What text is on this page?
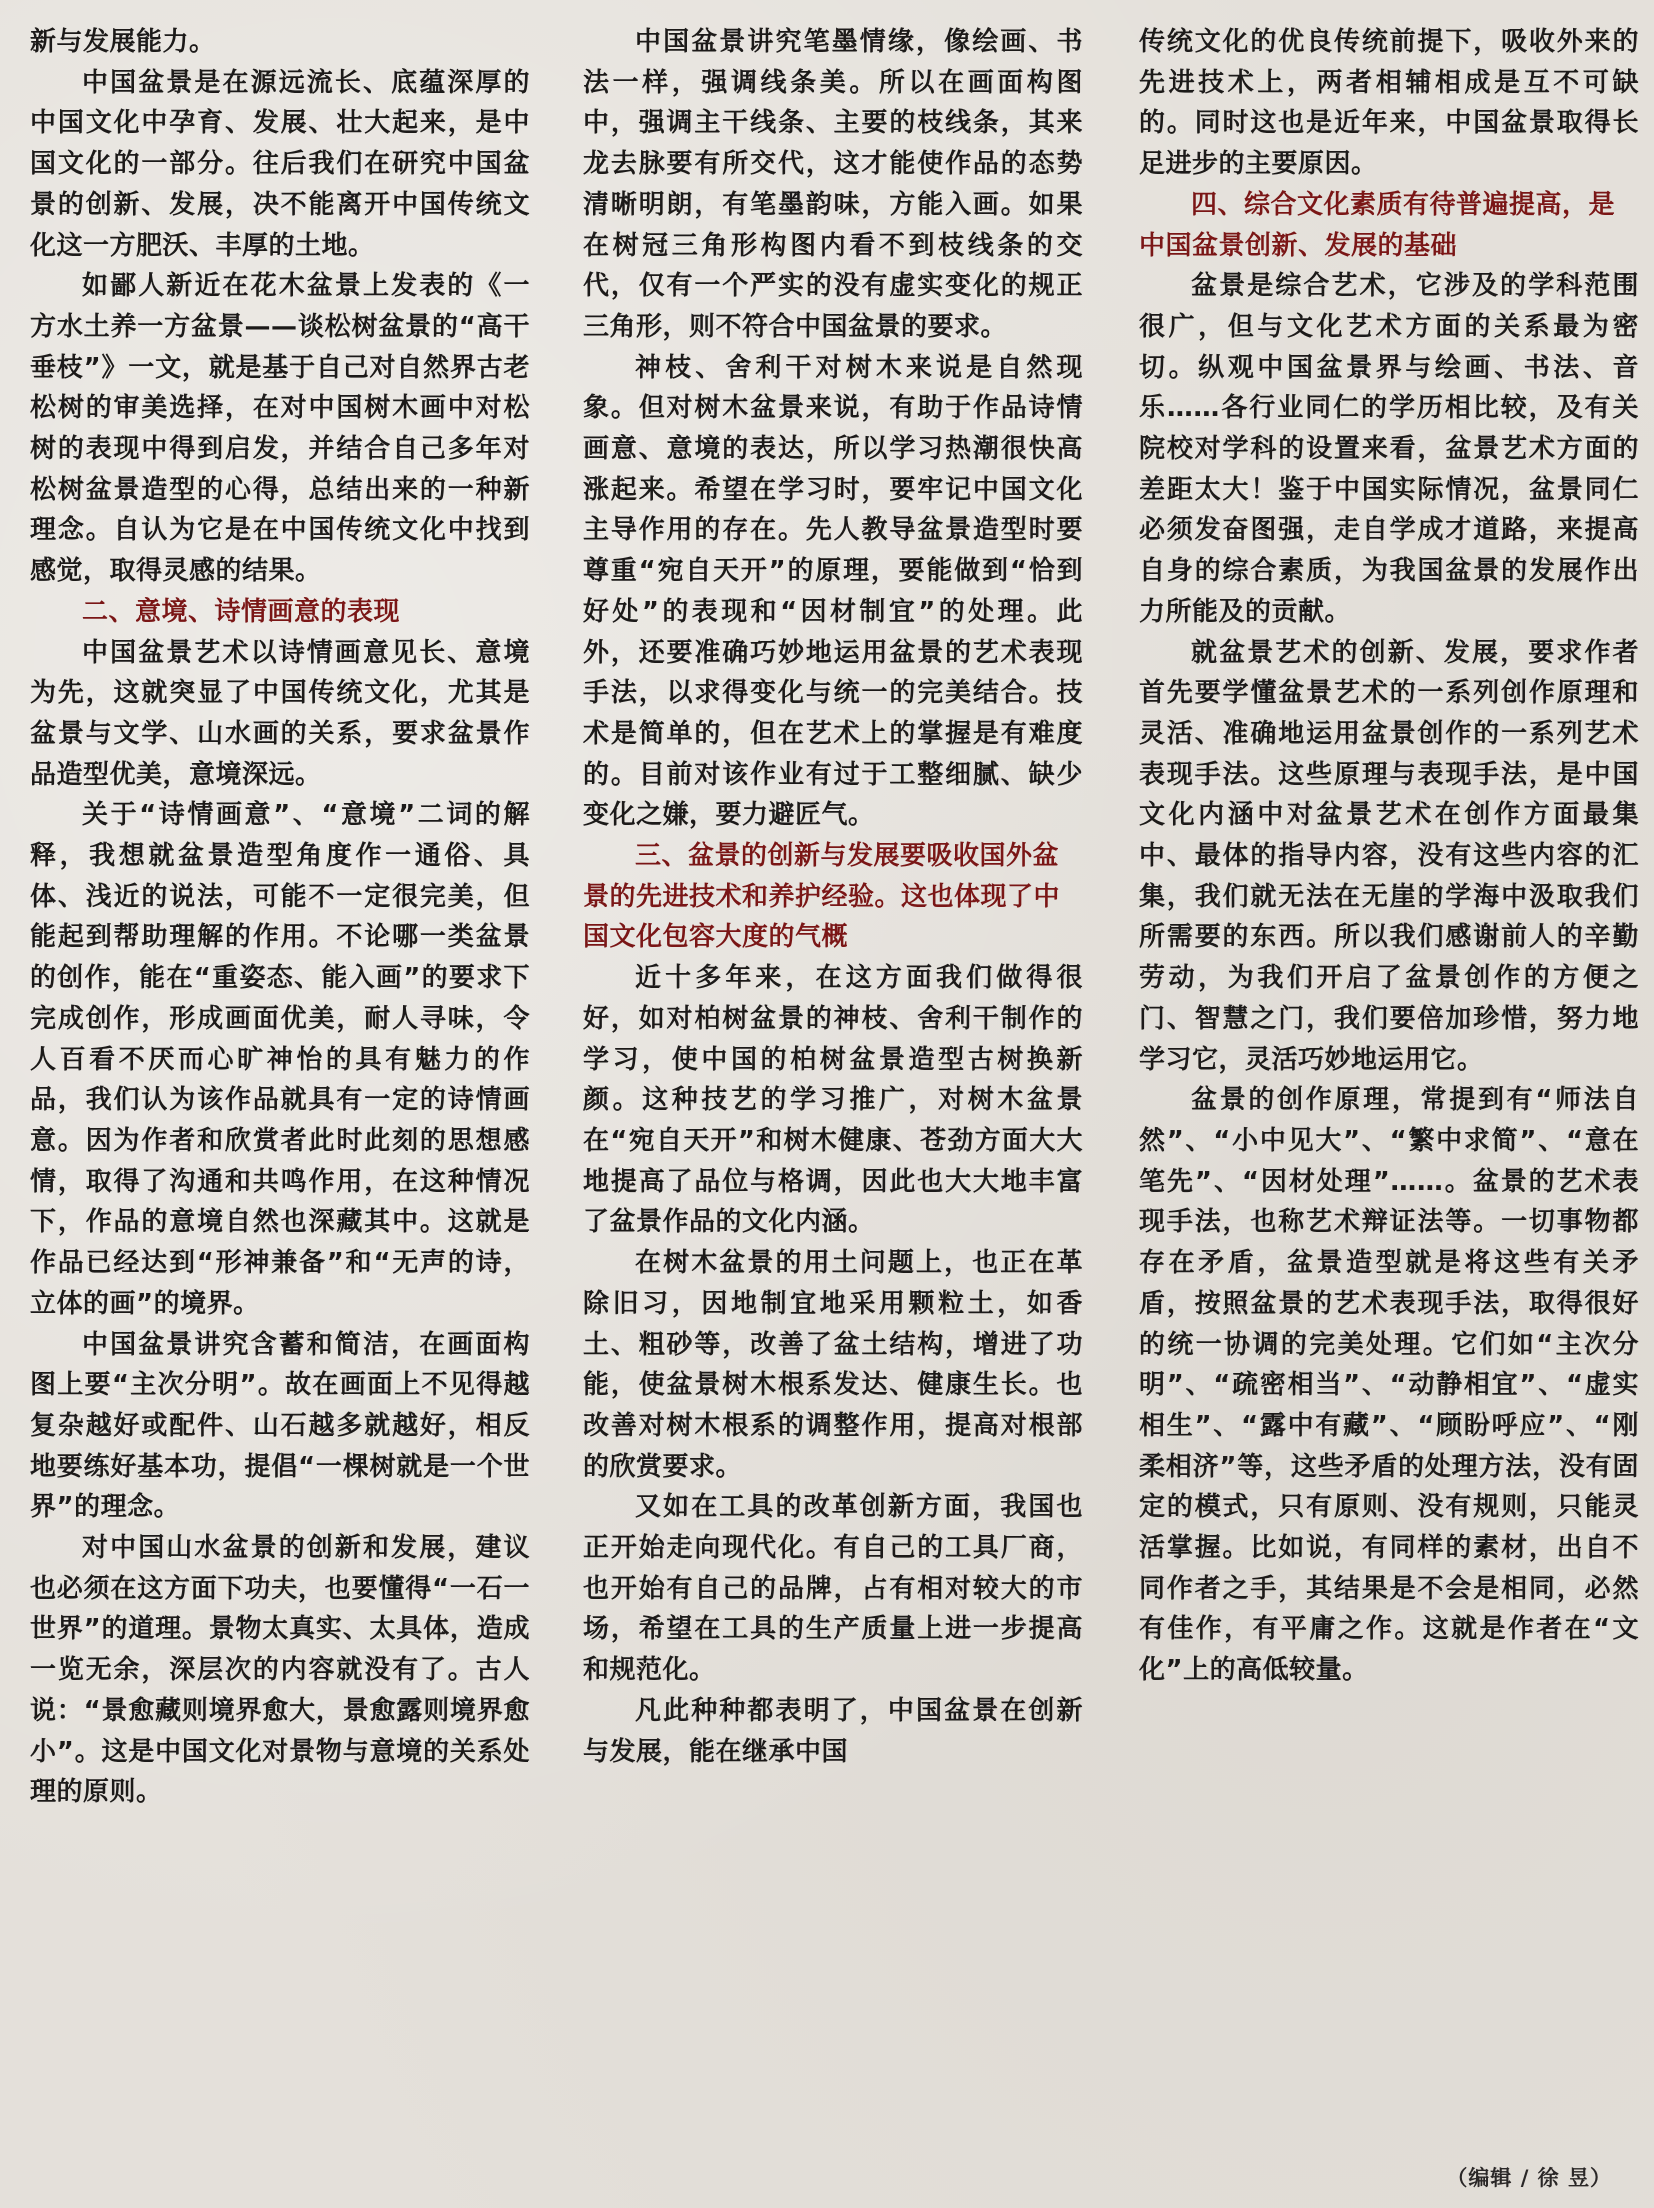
新与发展能力。

中国盆景是在源远流长、底蕴深厚的中国文化中孕育、发展、壮大起来，是中国文化的一部分。往后我们在研究中国盆景的创新、发展，决不能离开中国传统文化这一方肥沃、丰厚的土地。

如鄙人新近在花木盆景上发表的《一方水土养一方盆景——谈松树盆景的“高干垂枝”》一文，就是基于自己对自然界古老松树的审美选择，在对中国树木画中对松树的表现中得到启发，并结合自己多年对松树盆景造型的心得，总结出来的一种新理念。自认为它是在中国传统文化中找到感觉，取得灵感的结果。

二、意境、诗情画意的表现

中国盆景艺术以诗情画意见长、意境为先，这就突显了中国传统文化，尤其是盆景与文学、山水画的关系，要求盆景作品造型优美，意境深远。

关于“诗情画意”、“意境”二词的解释，我想就盆景造型角度作一通俗、具体、浅近的说法，可能不一定很完美，但能起到帮助理解的作用。不论哪一类盆景的创作，能在“重姿态、能入画”的要求下完成创作，形成画面优美，耐人寻味，令人百看不厌而心旷神怡的具有魅力的作品，我们认为该作品就具有一定的诗情画意。因为作者和欣赏者此时此刻的思想感情，取得了沟通和共鸣作用，在这种情况下，作品的意境自然也深藏其中。这就是作品已经达到“形神兼备”和“无声的诗，立体的画”的境界。

中国盆景讲究含蓄和简洁，在画面构图上要“主次分明”。故在画面上不见得越复杂越好或配件、山石越多就越好，相反地要练好基本功，提倡“一棵树就是一个世界”的理念。

对中国山水盆景的创新和发展，建议也必须在这方面下功夫，也要懂得“一石一世界”的道理。景物太真实、太具体，造成一览无余，深层次的内容就没有了。古人说：“景愈藏则境界愈大，景愈露则境界愈小”。这是中国文化对景物与意境的关系处理的原则。

中国盆景讲究笔墨情缘，像绘画、书法一样，强调线条美。所以在画面构图中，强调主干线条、主要的枝线条，其来龙去脉要有所交代，这才能使作品的态势清晰明朗，有笔墨韵味，方能入画。如果在树冠三角形构图内看不到枝线条的交代，仅有一个严实的没有虚实变化的规正三角形，则不符合中国盆景的要求。

神枝、舍利干对树木来说是自然现象。但对树木盆景来说，有助于作品诗情画意、意境的表达，所以学习热潮很快高涨起来。希望在学习时，要牢记中国文化主导作用的存在。先人教导盆景造型时要尊重“宛自天开”的原理，要能做到“恰到好处”的表现和“因材制宜”的处理。此外，还要准确巧妙地运用盆景的艺术表现手法，以求得变化与统一的完美结合。技术是简单的，但在艺术上的掌握是有难度的。目前对该作业有过于工整细腻、缺少变化之嫌，要力避匠气。

三、盆景的创新与发展要吸收国外盆景的先进技术和养护经验。这也体现了中国文化包容大度的气概

近十多年来，在这方面我们做得很好，如对柏树盆景的神枝、舍利干制作的学习，使中国的柏树盆景造型古树换新颜。这种技艺的学习推广，对树木盆景在“宛自天开”和树木健康、苍劲方面大大地提高了品位与格调，因此也大大地丰富了盆景作品的文化内涵。

在树木盆景的用土问题上，也正在革除旧习，因地制宜地采用颗粒土，如香土、粗砂等，改善了盆土结构，增进了功能，使盆景树木根系发达、健康生长。也改善对树木根系的调整作用，提高对根部的欣赏要求。

又如在工具的改革创新方面，我国也正开始走向现代化。有自己的工具厂商，也开始有自己的品牌，占有相对较大的市场，希望在工具的生产质量上进一步提高和规范化。

凡此种种都表明了，中国盆景在创新与发展，能在继承中国

传统文化的优良传统前提下，吸收外来的先进技术上，两者相辅相成是互不可缺的。同时这也是近年来，中国盆景取得长足进步的主要原因。

四、综合文化素质有待普遍提高，是中国盆景创新、发展的基础

盆景是综合艺术，它涉及的学科范围很广，但与文化艺术方面的关系最为密切。纵观中国盆景界与绘画、书法、音乐……各行业同仁的学历相比较，及有关院校对学科的设置来看，盆景艺术方面的差距太大！鉴于中国实际情况，盆景同仁必须发奋图强，走自学成才道路，来提高自身的综合素质，为我国盆景的发展作出力所能及的贡献。

就盆景艺术的创新、发展，要求作者首先要学懂盆景艺术的一系列创作原理和灵活、准确地运用盆景创作的一系列艺术表现手法。这些原理与表现手法，是中国文化内涵中对盆景艺术在创作方面最集中、最体的指导内容，没有这些内容的汇集，我们就无法在无崖的学海中汲取我们所需要的东西。所以我们感谢前人的辛勤劳动，为我们开启了盆景创作的方便之门、智慧之门，我们要倍加珍惜，努力地学习它，灵活巧妙地运用它。

盆景的创作原理，常提到有“师法自然”、“小中见大”、“繁中求简”、“意在笔先”、“因材处理”……。盆景的艺术表现手法，也称艺术辩证法等。一切事物都存在矛盾，盆景造型就是将这些有关矛盾，按照盆景的艺术表现手法，取得很好的统一协调的完美处理。它们如“主次分明”、“疏密相当”、“动静相宜”、“虚实相生”、“露中有藏”、“顾盼呼应”、“刚柔相济”等，这些矛盾的处理方法，没有固定的模式，只有原则、没有规则，只能灵活掌握。比如说，有同样的素材，出自不同作者之手，其结果是不会是相同，必然有佳作，有平庸之作。这就是作者在“文化”上的高低较量。

（编辑 / 徐 昱）
